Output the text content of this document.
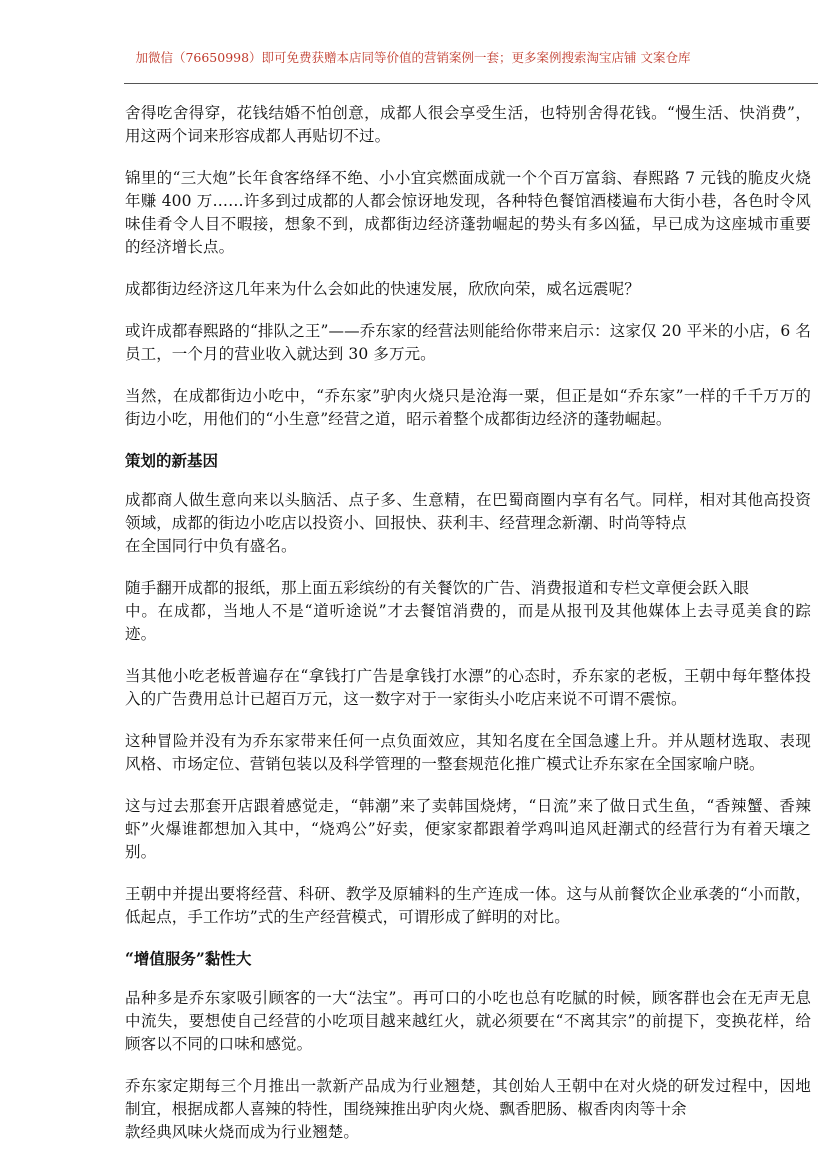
加微信（76650998）即可免费获赠本店同等价值的营销案例一套；更多案例搜索淘宝店铺 文案仓库

舍得吃舍得穿，花钱结婚不怕创意，成都人很会享受生活，也特别舍得花钱。“慢生活、快消费”，用这两个词来形容成都人再贴切不过。

锦里的“三大炮”长年食客络绎不绝、小小宜宾燃面成就一个个百万富翁、春熙路 7 元钱的脆皮火烧年赚 400 万……许多到过成都的人都会惊讶地发现，各种特色餐馆酒楼遍布大街小巷，各色时令风味佳肴令人目不暇接，想象不到，成都街边经济蓬勃崛起的势头有多凶猛，早已成为这座城市重要的经济增长点。

成都街边经济这几年来为什么会如此的快速发展，欣欣向荣，威名远震呢？

或许成都春熙路的“排队之王”——乔东家的经营法则能给你带来启示：这家仅 20 平米的小店，6 名员工，一个月的营业收入就达到 30 多万元。

当然，在成都街边小吃中，“乔东家”驴肉火烧只是沧海一粟，但正是如“乔东家”一样的千千万万的街边小吃，用他们的“小生意”经营之道，昭示着整个成都街边经济的蓬勃崛起。

策划的新基因

成都商人做生意向来以头脑活、点子多、生意精，在巴蜀商圈内享有名气。同样，相对其他高投资领域，成都的街边小吃店以投资小、回报快、获利丰、经营理念新潮、时尚等特点
在全国同行中负有盛名。

随手翻开成都的报纸，那上面五彩缤纷的有关餐饮的广告、消费报道和专栏文章便会跃入眼
中。在成都，当地人不是“道听途说”才去餐馆消费的，而是从报刊及其他媒体上去寻觅美食的踪迹。

当其他小吃老板普遍存在“拿钱打广告是拿钱打水漂”的心态时，乔东家的老板，王朝中每年整体投入的广告费用总计已超百万元，这一数字对于一家街头小吃店来说不可谓不震惊。

这种冒险并没有为乔东家带来任何一点负面效应，其知名度在全国急遽上升。并从题材选取、表现风格、市场定位、营销包装以及科学管理的一整套规范化推广模式让乔东家在全国家喻户晓。

这与过去那套开店跟着感觉走，“韩潮”来了卖韩国烧烤，“日流”来了做日式生鱼，“香辣蟹、香辣虾”火爆谁都想加入其中，“烧鸡公”好卖，便家家都跟着学鸡叫追风赶潮式的经营行为有着天壤之别。

王朝中并提出要将经营、科研、教学及原辅料的生产连成一体。这与从前餐饮企业承袭的“小而散，低起点，手工作坊”式的生产经营模式，可谓形成了鲜明的对比。

“增值服务”黏性大

品种多是乔东家吸引顾客的一大“法宝”。再可口的小吃也总有吃腻的时候，顾客群也会在无声无息中流失，要想使自己经营的小吃项目越来越红火，就必须要在“不离其宗”的前提下，变换花样，给顾客以不同的口味和感觉。

乔东家定期每三个月推出一款新产品成为行业翘楚，其创始人王朝中在对火烧的研发过程中，因地制宜，根据成都人喜辣的特性，围绕辣推出驴肉火烧、飘香肥肠、椒香肉肉等十余
款经典风味火烧而成为行业翘楚。
